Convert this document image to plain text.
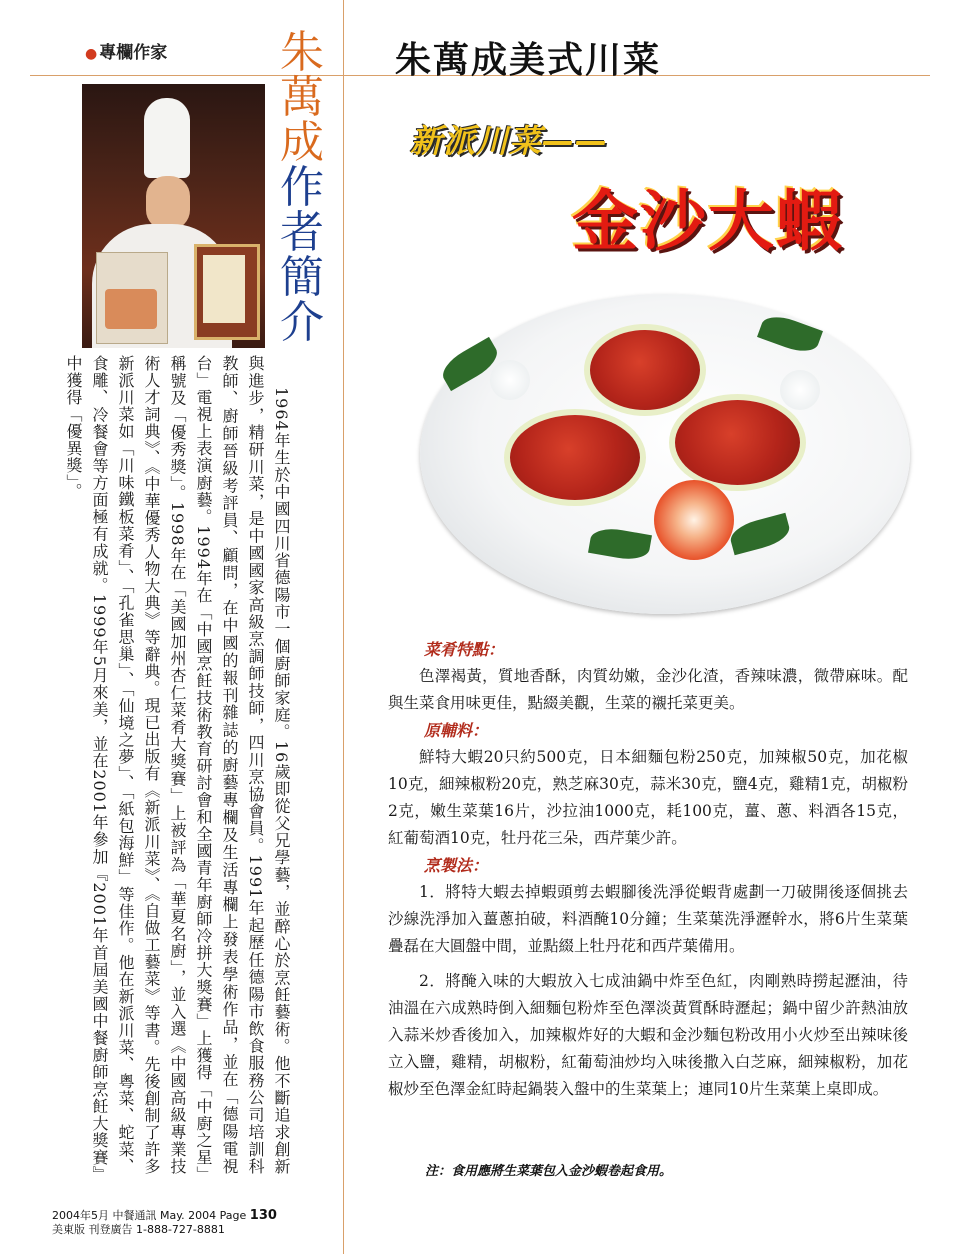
● 專欄作家	朱
萬
成
作
者
簡
介

1964年生於中國四川省德陽市一個廚師家庭。16歲即從父兄學藝，並醉心於烹飪藝術。他不斷追求創新與進步，精研川菜，是中國國家高級烹調師技師，四川烹協會員。1991年起歷任德陽市飲食服務公司培訓科教師、廚師晉級考評員、顧問，在中國的報刊雜誌的廚藝專欄及生活專欄上發表學術作品，並在「德陽電視台」電視上表演廚藝。1994年在「中國烹飪技術教育研討會和全國青年廚師冷拼大獎賽」上獲得「中廚之星」稱號及「優秀獎」。1998年在「美國加州杏仁菜肴大獎賽」上被評為「華夏名廚」，並入選《中國高級專業技術人才詞典》、《中華優秀人物大典》等辭典。現已出版有《新派川菜》、《自做工藝菜》等書。先後創制了許多新派川菜如「川味鐵板菜肴」、「孔雀思巢」、「仙境之夢」、「紙包海鮮」等佳作。他在新派川菜、粵菜、蛇菜、食雕、冷餐會等方面極有成就。1999年5月來美，並在2001年參加『2001年首屆美國中餐廚師烹飪大獎賽』中獲得「優異獎」。

2004年5月 中餐通訊 May. 2004 Page 130
美東版 刊登廣告 1-888-727-8881
朱萬成美式川菜
新派川菜——
金沙大蝦

菜肴特點：

色澤褐黃，質地香酥，肉質幼嫩，金沙化渣，香辣味濃，微帶麻味。配與生菜食用味更佳，點綴美觀，生菜的襯托菜更美。

原輔料：

鮮特大蝦20只約500克，日本細麵包粉250克，加辣椒50克，加花椒10克，細辣椒粉20克，熟芝麻30克，蒜米30克，鹽4克，雞精1克，胡椒粉2克，嫩生菜葉16片，沙拉油1000克，耗100克，薑、蔥、料酒各15克，紅葡萄酒10克，牡丹花三朵，西芹葉少許。

烹製法：

1．將特大蝦去掉蝦頭剪去蝦腳後洗淨從蝦背處劃一刀破開後逐個挑去沙線洗淨加入薑蔥拍破，料酒醃10分鐘；生菜葉洗淨瀝幹水，將6片生菜葉疊磊在大圓盤中間，並點綴上牡丹花和西芹葉備用。

2．將醃入味的大蝦放入七成油鍋中炸至色紅，肉剛熟時撈起瀝油，待油溫在六成熟時倒入細麵包粉炸至色澤淡黃質酥時瀝起；鍋中留少許熱油放入蒜米炒香後加入，加辣椒炸好的大蝦和金沙麵包粉改用小火炒至出辣味後立入鹽，雞精，胡椒粉，紅葡萄油炒均入味後撒入白芝麻，細辣椒粉，加花椒炒至色澤金紅時起鍋裝入盤中的生菜葉上；連同10片生菜葉上桌即成。

注：食用應將生菜葉包入金沙蝦卷起食用。
